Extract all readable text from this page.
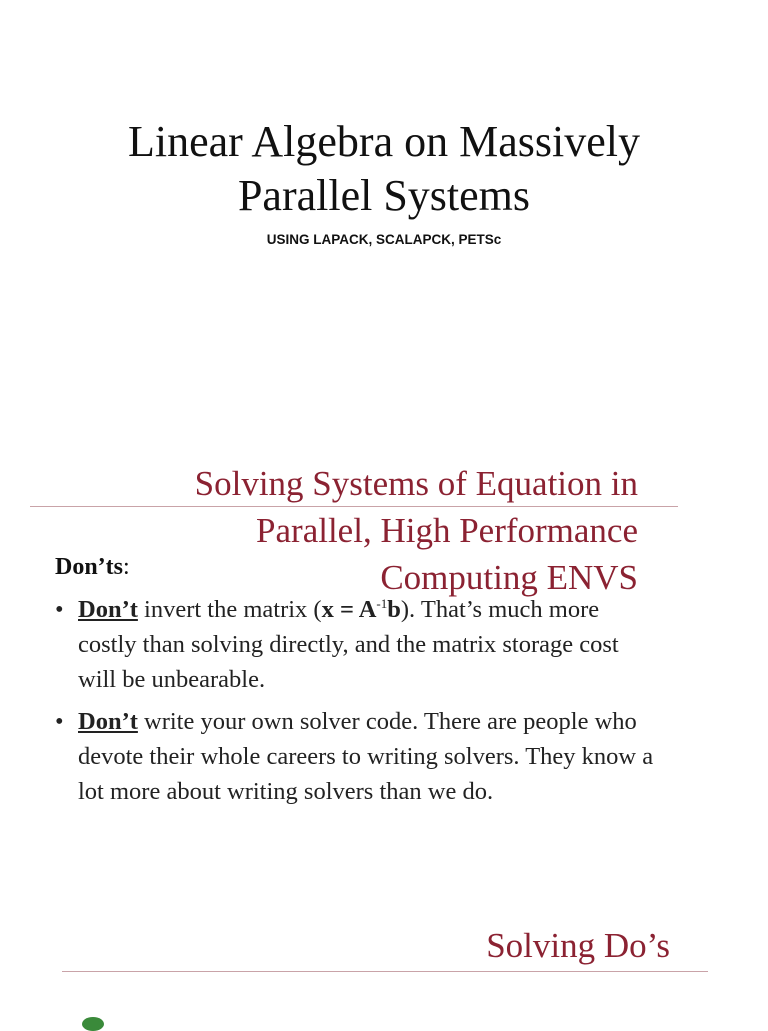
Linear Algebra on Massively
Parallel Systems
USING LAPACK, SCALAPCK, PETSc
Solving Systems of Equation in
Parallel, High Performance
Computing ENVS
Don’ts:
• Don’t invert the matrix $(x = A^{-1}b)$. That’s much more costly than solving directly, and the matrix storage cost will be unbearable.
• Don’t write your own solver code. There are people who devote their whole careers to writing solvers. They know a lot more about writing solvers than we do.
Solving Do’s
